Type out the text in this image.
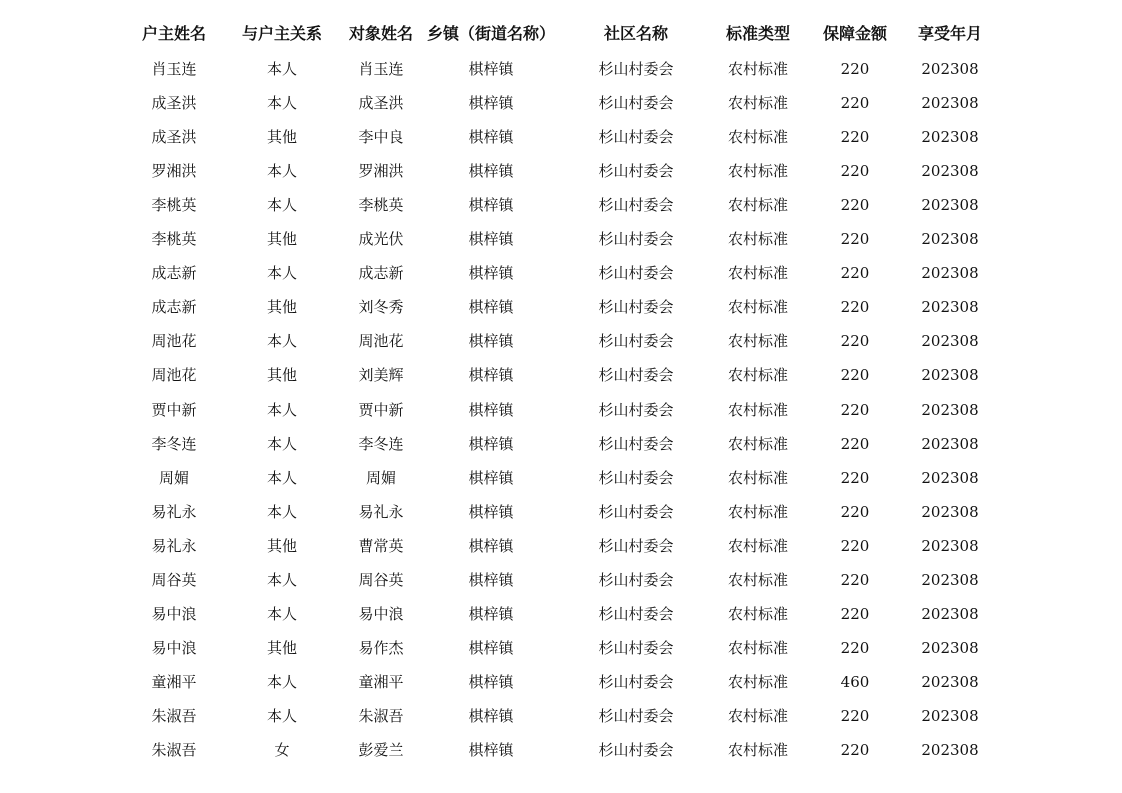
户主姓名 与户主关系 对象姓名 乡镇（街道名称）	社区名称	标准类型 保障金额 享受年月
肖玉连	本人	肖玉连	棋梓镇	杉山村委会	农村标准	220	202308
成圣洪	本人	成圣洪	棋梓镇	杉山村委会	农村标准	220	202308
成圣洪	其他	李中良	棋梓镇	杉山村委会	农村标准	220	202308
罗湘洪	本人	罗湘洪	棋梓镇	杉山村委会	农村标准	220	202308
李桃英	本人	李桃英	棋梓镇	杉山村委会	农村标准	220	202308
李桃英	其他	成光伏	棋梓镇	杉山村委会	农村标准	220	202308
成志新	本人	成志新	棋梓镇	杉山村委会	农村标准	220	202308
成志新	其他	刘冬秀	棋梓镇	杉山村委会	农村标准	220	202308
周池花	本人	周池花	棋梓镇	杉山村委会	农村标准	220	202308
周池花	其他	刘美辉	棋梓镇	杉山村委会	农村标准	220	202308
贾中新	本人	贾中新	棋梓镇	杉山村委会	农村标准	220	202308
李冬连	本人	李冬连	棋梓镇	杉山村委会	农村标准	220	202308
周媚	本人	周媚	棋梓镇	杉山村委会	农村标准	220	202308
易礼永	本人	易礼永	棋梓镇	杉山村委会	农村标准	220	202308
易礼永	其他	曹常英	棋梓镇	杉山村委会	农村标准	220	202308
周谷英	本人	周谷英	棋梓镇	杉山村委会	农村标准	220	202308
易中浪	本人	易中浪	棋梓镇	杉山村委会	农村标准	220	202308
易中浪	其他	易作杰	棋梓镇	杉山村委会	农村标准	220	202308
童湘平	本人	童湘平	棋梓镇	杉山村委会	农村标准	460	202308
朱淑吾	本人	朱淑吾	棋梓镇	杉山村委会	农村标准	220	202308
朱淑吾	女	彭爱兰	棋梓镇	杉山村委会	农村标准	220	202308
